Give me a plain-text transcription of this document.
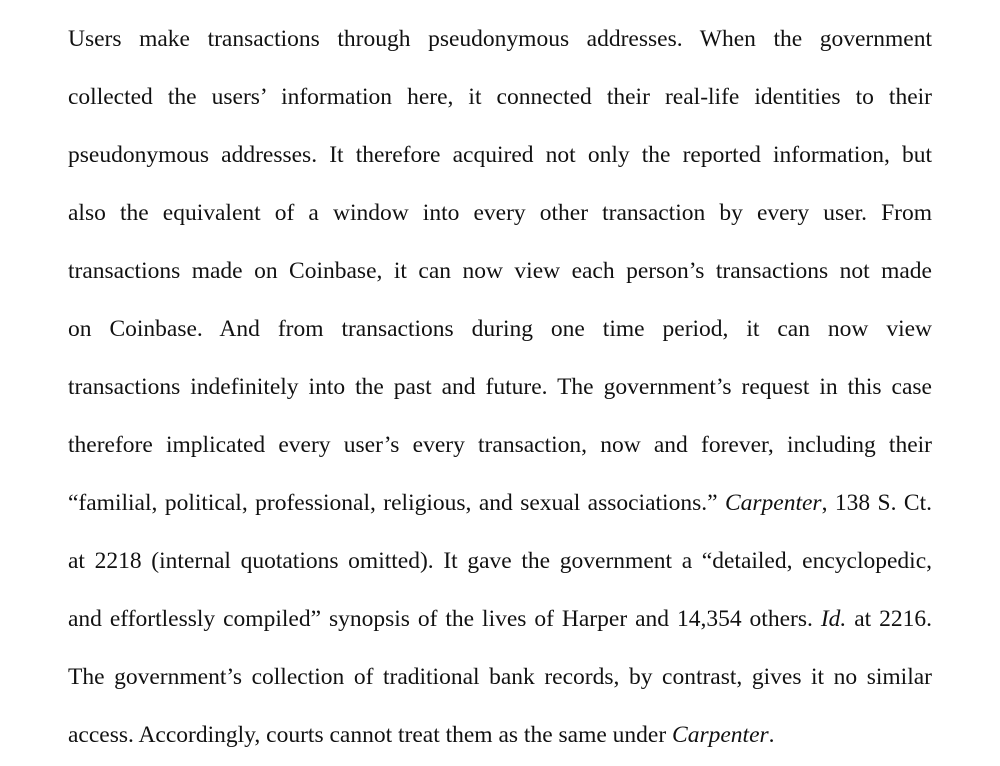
Users make transactions through pseudonymous addresses. When the government
collected the users’ information here, it connected their real-life identities to their
pseudonymous addresses. It therefore acquired not only the reported information, but
also the equivalent of a window into every other transaction by every user. From
transactions made on Coinbase, it can now view each person’s transactions not made
on Coinbase. And from transactions during one time period, it can now view
transactions indefinitely into the past and future. The government’s request in this case
therefore implicated every user’s every transaction, now and forever, including their
“familial, political, professional, religious, and sexual associations.” Carpenter, 138 S. Ct.
at 2218 (internal quotations omitted). It gave the government a “detailed, encyclopedic,
and effortlessly compiled” synopsis of the lives of Harper and 14,354 others. Id. at 2216.
The government’s collection of traditional bank records, by contrast, gives it no similar
access. Accordingly, courts cannot treat them as the same under Carpenter.
